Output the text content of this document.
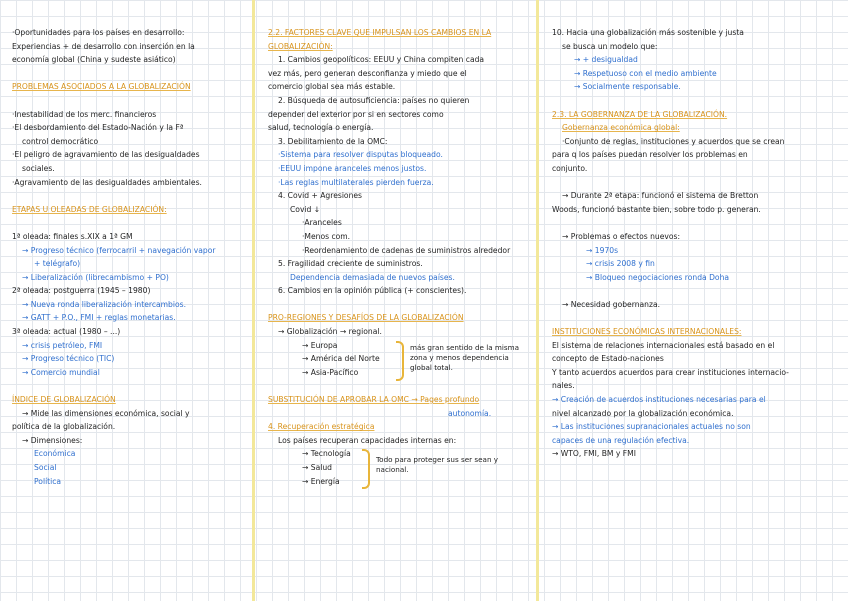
·Oportunidades para los países en desarrollo:
Experiencias + de desarrollo con inserción en la
economía global (China y sudeste asiático)
PROBLEMAS ASOCIADOS A LA GLOBALIZACIÓN
·Inestabilidad de los merc. financieros
·El desbordamiento del Estado-Nación y la Fª
control democrático
·El peligro de agravamiento de las desigualdades
sociales.
·Agravamiento de las desigualdades ambientales.
ETAPAS U OLEADAS DE GLOBALIZACIÓN:
1ª oleada: finales s.XIX a 1ª GM
→ Progreso técnico (ferrocarril + navegación vapor
+ telégrafo)
→ Liberalización (librecambismo + PO)
2ª oleada: postguerra (1945 – 1980)
→ Nueva ronda liberalización intercambios.
→ GATT + P.O., FMI + reglas monetarias.
3ª oleada: actual (1980 – ...)
→ crisis petróleo, FMI
→ Progreso técnico (TIC)
→ Comercio mundial
ÍNDICE DE GLOBALIZACIÓN
→ Mide las dimensiones económica, social y
política de la globalización.
→ Dimensiones:
Económica
Social
Política
2.2. FACTORES CLAVE QUE IMPULSAN LOS CAMBIOS EN LA
GLOBALIZACIÓN:
1. Cambios geopolíticos: EEUU y China compiten cada
vez más, pero generan desconfianza y miedo que el
comercio global sea más estable.
2. Búsqueda de autosuficiencia: países no quieren
depender del exterior por si en sectores como
salud, tecnología o energía.
3. Debilitamiento de la OMC:
·Sistema para resolver disputas bloqueado.
·EEUU impone aranceles menos justos.
·Las reglas multilaterales pierden fuerza.
4. Covid + Agresiones
Covid ↓
·Aranceles
·Menos com.
·Reordenamiento de cadenas de suministros alrededor
5. Fragilidad creciente de suministros.
Dependencia demasiada de nuevos países.
6. Cambios en la opinión pública (+ conscientes).
PRO-REGIONES Y DESAFÍOS DE LA GLOBALIZACIÓN
→ Globalización → regional.
→ Europa
→ América del Norte
→ Asia-Pacífico
más gran sentido de la misma zona y menos dependencia global total.
SUBSTITUCIÓN DE APROBAR LA OMC → Pages profundo
autonomía.
4. Recuperación estratégica
Los países recuperan capacidades internas en:
→ Tecnología
→ Salud
→ Energía
Todo para proteger sus ser sean y nacional.
10. Hacia una globalización más sostenible y justa
se busca un modelo que:
→ + desigualdad
→ Respetuoso con el medio ambiente
→ Socialmente responsable.
2.3. LA GOBERNANZA DE LA GLOBALIZACIÓN.
Gobernanza económica global:
·Conjunto de reglas, instituciones y acuerdos que se crean
para q los países puedan resolver los problemas en
conjunto.
→ Durante 2ª etapa: funcionó el sistema de Bretton
Woods, funcionó bastante bien, sobre todo p. generan.
→ Problemas o efectos nuevos:
→ 1970s
→ crisis 2008 y fin
→ Bloqueo negociaciones ronda Doha
→ Necesidad gobernanza.
INSTITUCIONES ECONÓMICAS INTERNACIONALES:
El sistema de relaciones internacionales está basado en el
concepto de Estado-naciones
Y tanto acuerdos acuerdos para crear instituciones internacio-
nales.
→ Creación de acuerdos instituciones necesarias para el
nivel alcanzado por la globalización económica.
→ Las instituciones supranacionales actuales no son
capaces de una regulación efectiva.
→ WTO, FMI, BM y FMI
